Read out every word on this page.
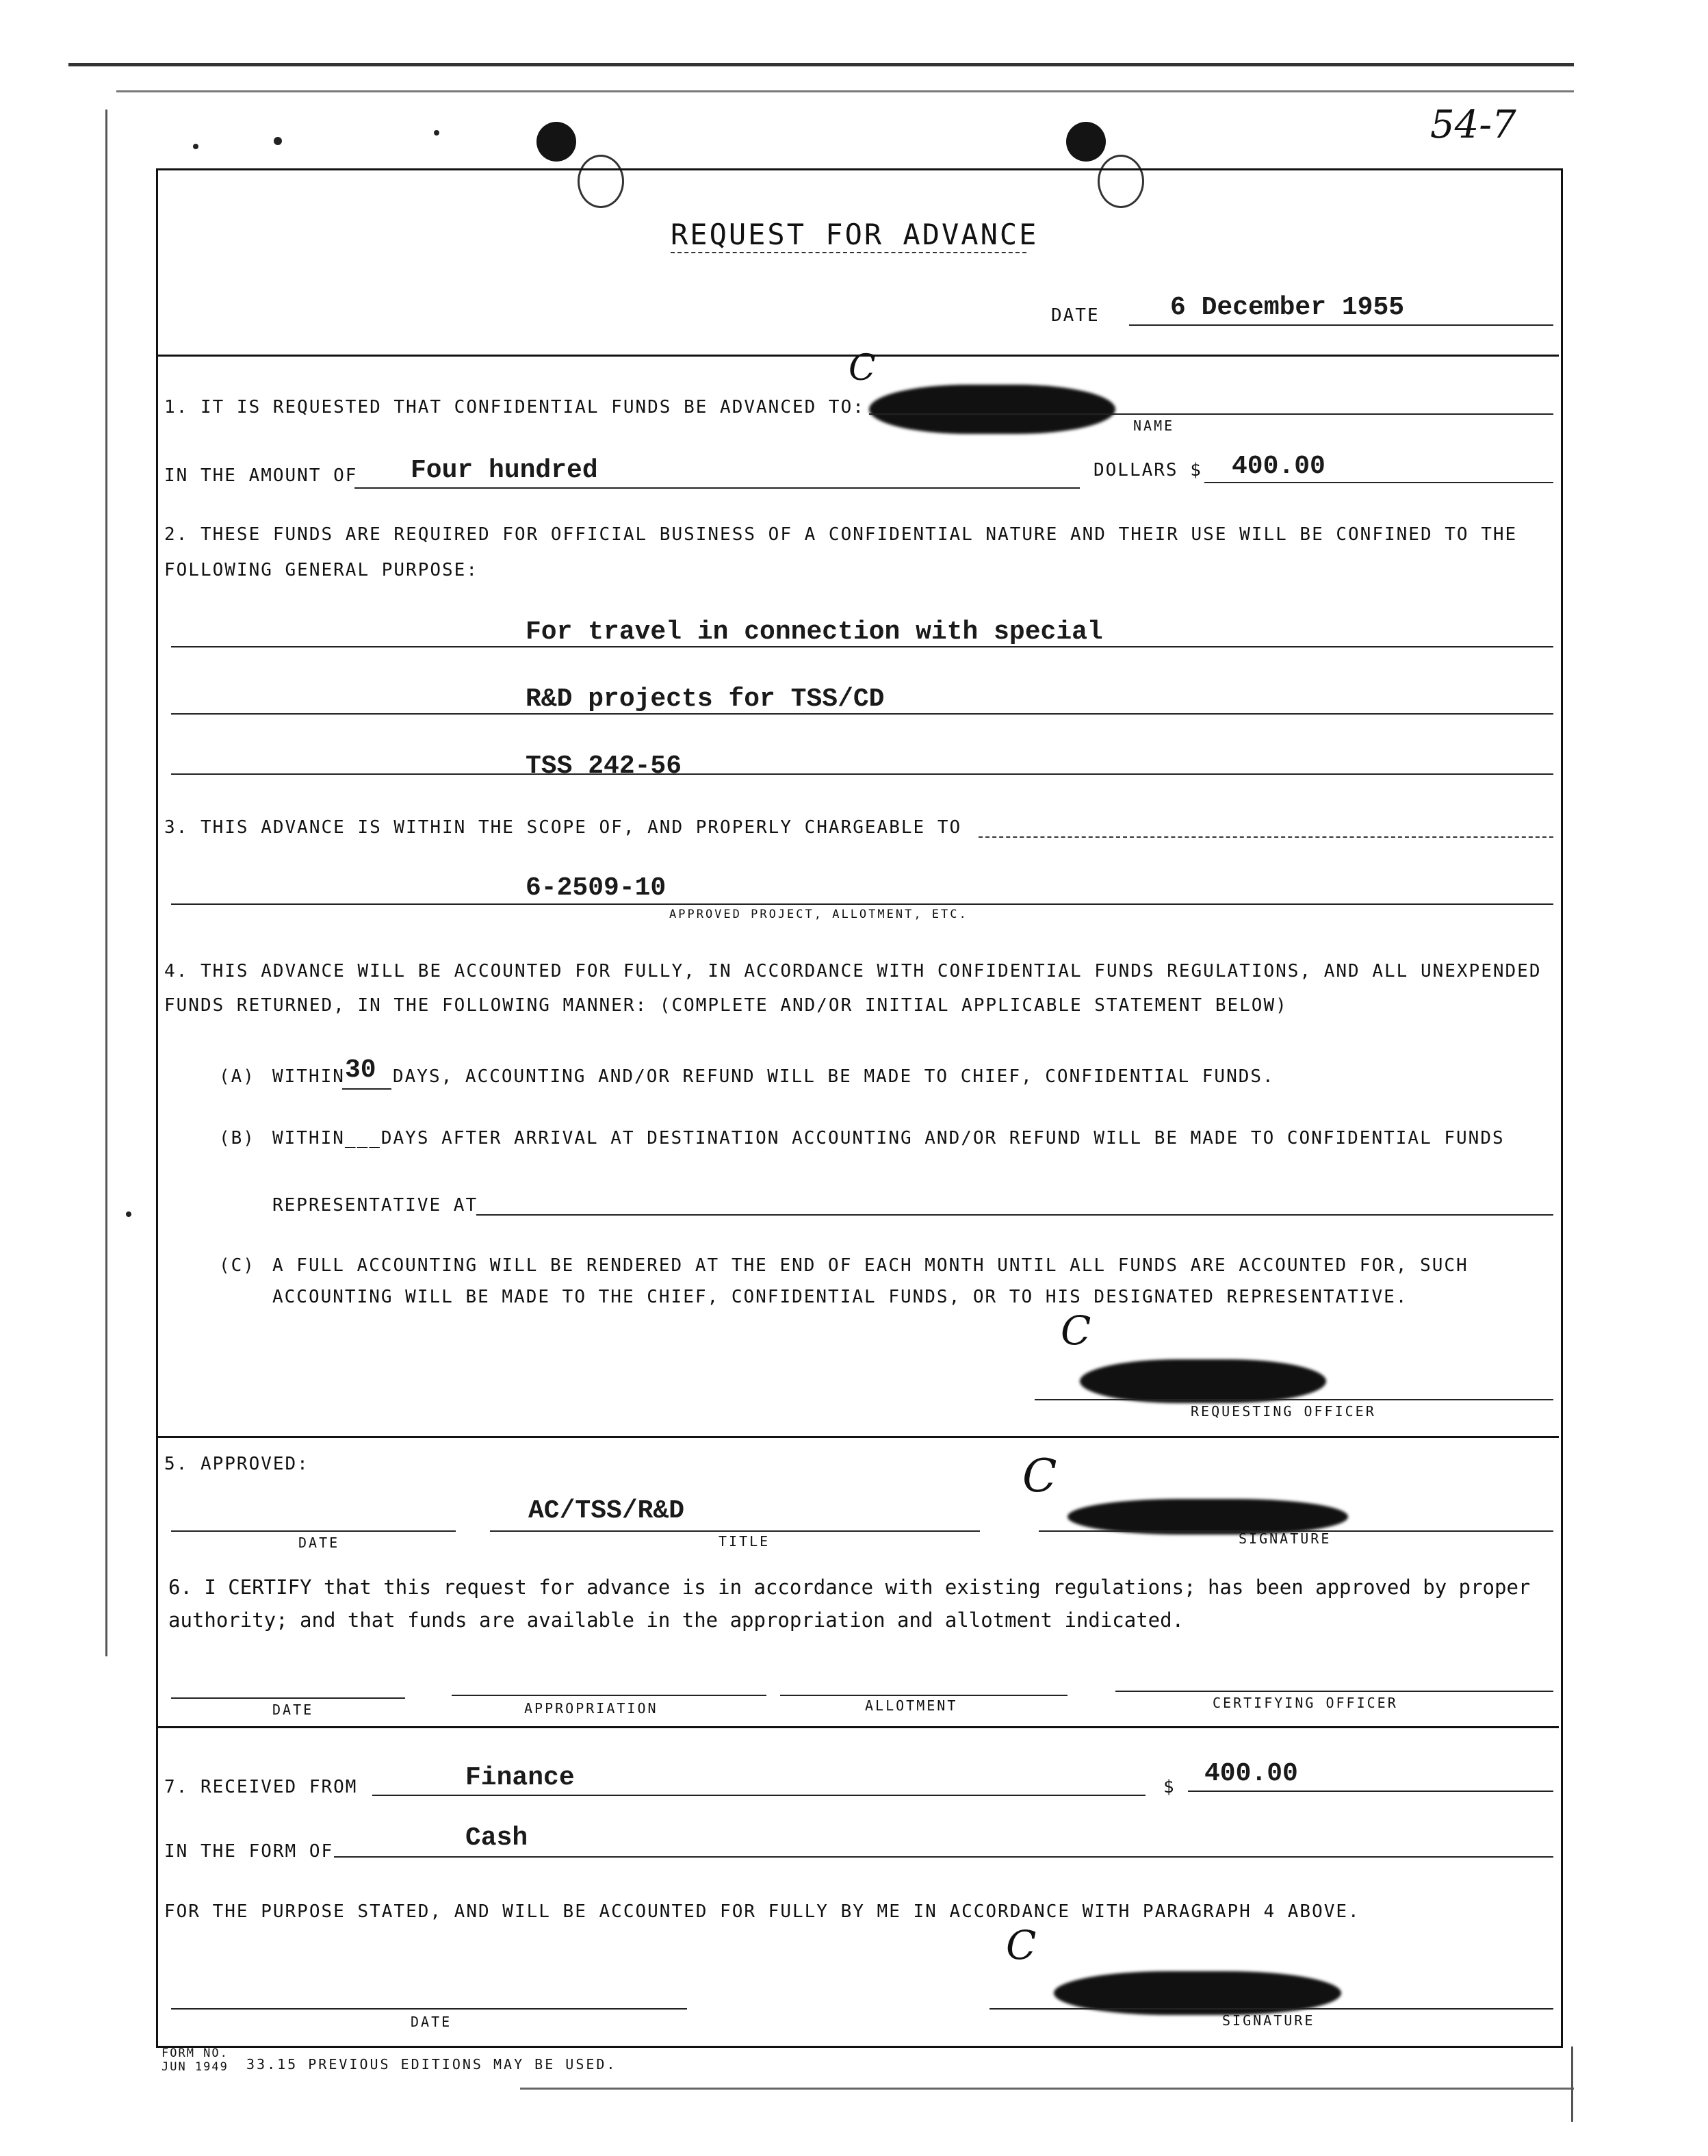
54-7
REQUEST FOR ADVANCE
DATE	6 December 1955
1. IT IS REQUESTED THAT CONFIDENTIAL FUNDS BE ADVANCED TO:
C
NAME
IN THE AMOUNT OF Four hundred	DOLLARS $ 400.00
2. THESE FUNDS ARE REQUIRED FOR OFFICIAL BUSINESS OF A CONFIDENTIAL NATURE AND THEIR USE WILL BE CONFINED TO THE
FOLLOWING GENERAL PURPOSE:
For travel in connection with special
R&D projects for TSS/CD
TSS 242-56
3. THIS ADVANCE IS WITHIN THE SCOPE OF, AND PROPERLY CHARGEABLE TO
6-2509-10
APPROVED PROJECT, ALLOTMENT, ETC.
4. THIS ADVANCE WILL BE ACCOUNTED FOR FULLY, IN ACCORDANCE WITH CONFIDENTIAL FUNDS REGULATIONS, AND ALL UNEXPENDED
FUNDS RETURNED, IN THE FOLLOWING MANNER: (COMPLETE AND/OR INITIAL APPLICABLE STATEMENT BELOW)
(A) WITHIN 30 DAYS, ACCOUNTING AND/OR REFUND WILL BE MADE TO CHIEF, CONFIDENTIAL FUNDS.
(B) WITHIN___DAYS AFTER ARRIVAL AT DESTINATION ACCOUNTING AND/OR REFUND WILL BE MADE TO CONFIDENTIAL FUNDS
REPRESENTATIVE AT
(C) A FULL ACCOUNTING WILL BE RENDERED AT THE END OF EACH MONTH UNTIL ALL FUNDS ARE ACCOUNTED FOR, SUCH
ACCOUNTING WILL BE MADE TO THE CHIEF, CONFIDENTIAL FUNDS, OR TO HIS DESIGNATED REPRESENTATIVE.
C
REQUESTING OFFICER
5. APPROVED:
AC/TSS/R&D
C
DATE	TITLE	SIGNATURE
6. I CERTIFY that this request for advance is in accordance with existing regulations; has been approved by proper
authority; and that funds are available in the appropriation and allotment indicated.
DATE	APPROPRIATION	ALLOTMENT	CERTIFYING OFFICER
7. RECEIVED FROM	Finance	$ 400.00
IN THE FORM OF	Cash
FOR THE PURPOSE STATED, AND WILL BE ACCOUNTED FOR FULLY BY ME IN ACCORDANCE WITH PARAGRAPH 4 ABOVE.
C
DATE	SIGNATURE
FORM NO.
JUN 1949 33.15 PREVIOUS EDITIONS MAY BE USED.
